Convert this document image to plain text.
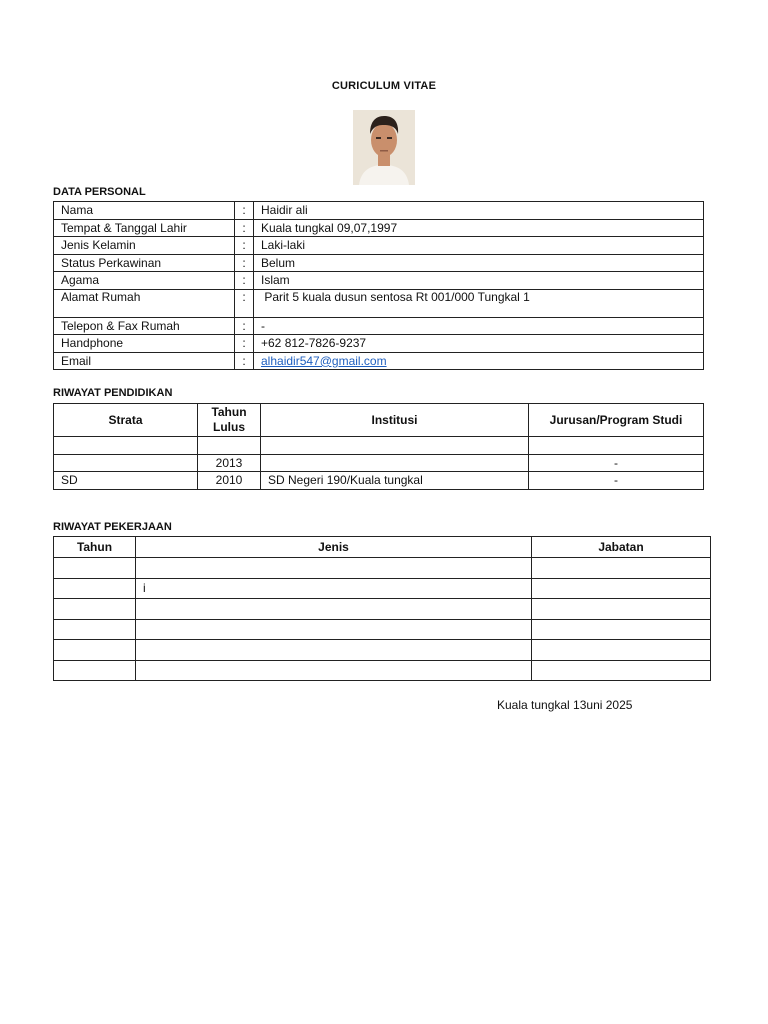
CURICULUM VITAE
DATA PERSONAL
Nama	:	Haidir ali
Tempat & Tanggal Lahir	:	Kuala tungkal 09,07,1997
Jenis Kelamin	:	Laki-laki
Status Perkawinan	:	Belum
Agama	:	Islam
Alamat Rumah	:	Parit 5 kuala dusun sentosa Rt 001/000 Tungkal 1
Telepon & Fax Rumah	:	-
Handphone	:	+62 812-7826-9237
Email	:	alhaidir547@gmail.com
RIWAYAT PENDIDIKAN
Strata	Tahun Lulus	Institusi	Jurusan/Program Studi

	2013		-
SD	2010	SD Negeri 190/Kuala tungkal	-
RIWAYAT PEKERJAAN
Tahun	Jenis	Jabatan

	i	

Kuala tungkal 13uni 2025
